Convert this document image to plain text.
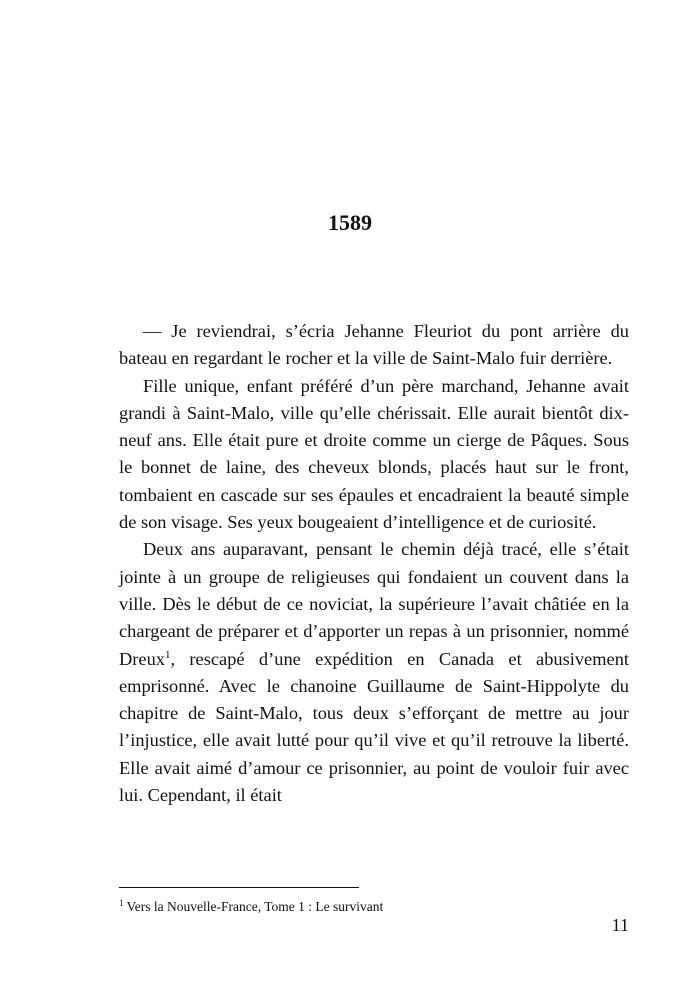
1589

— Je reviendrai, s’écria Jehanne Fleuriot du pont arrière du bateau en regardant le rocher et la ville de Saint-Malo fuir derrière.

Fille unique, enfant préféré d’un père marchand, Jehanne avait grandi à Saint-Malo, ville qu’elle chérissait. Elle aurait bientôt dix-neuf ans. Elle était pure et droite comme un cierge de Pâques. Sous le bonnet de laine, des cheveux blonds, placés haut sur le front, tombaient en cascade sur ses épaules et encadraient la beauté simple de son visage. Ses yeux bougeaient d’intelligence et de curiosité.

Deux ans auparavant, pensant le chemin déjà tracé, elle s’était jointe à un groupe de religieuses qui fondaient un couvent dans la ville. Dès le début de ce noviciat, la supérieure l’avait châtiée en la chargeant de préparer et d’apporter un repas à un prisonnier, nommé Dreux$^1$, rescapé d’une expédition en Canada et abusivement emprisonné. Avec le chanoine Guillaume de Saint-Hippolyte du chapitre de Saint-Malo, tous deux s’efforçant de mettre au jour l’injustice, elle avait lutté pour qu’il vive et qu’il retrouve la liberté. Elle avait aimé d’amour ce prisonnier, au point de vouloir fuir avec lui. Cependant, il était

$^1$ Vers la Nouvelle-France, Tome 1 : Le survivant

11
